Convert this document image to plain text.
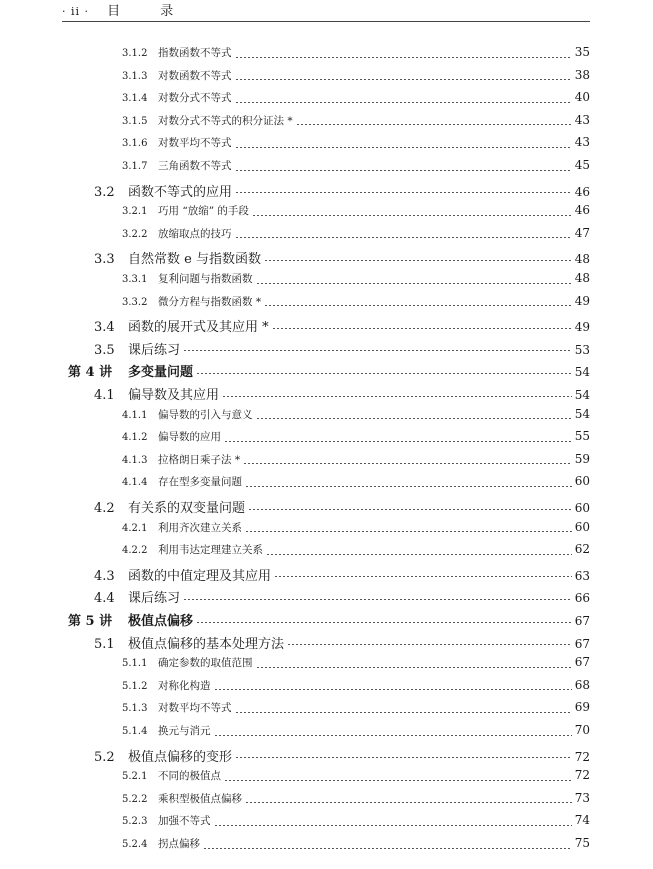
· ii · 目 录
3.1.2	指数函数不等式	35
3.1.3	对数函数不等式	38
3.1.4	对数分式不等式	40
3.1.5	对数分式不等式的积分证法 *	43
3.1.6	对数平均不等式	43
3.1.7	三角函数不等式	45
3.2	函数不等式的应用	46
3.2.1	巧用 “放缩” 的手段	46
3.2.2	放缩取点的技巧	47
3.3	自然常数 e 与指数函数	48
3.3.1	复利问题与指数函数	48
3.3.2	微分方程与指数函数 *	49
3.4	函数的展开式及其应用 *	49
3.5	课后练习	53
第 4 讲	多变量问题	54
4.1	偏导数及其应用	54
4.1.1	偏导数的引入与意义	54
4.1.2	偏导数的应用	55
4.1.3	拉格朗日乘子法 *	59
4.1.4	存在型多变量问题	60
4.2	有关系的双变量问题	60
4.2.1	利用齐次建立关系	60
4.2.2	利用韦达定理建立关系	62
4.3	函数的中值定理及其应用	63
4.4	课后练习	66
第 5 讲	极值点偏移	67
5.1	极值点偏移的基本处理方法	67
5.1.1	确定参数的取值范围	67
5.1.2	对称化构造	68
5.1.3	对数平均不等式	69
5.1.4	换元与消元	70
5.2	极值点偏移的变形	72
5.2.1	不同的极值点	72
5.2.2	乘积型极值点偏移	73
5.2.3	加强不等式	74
5.2.4	拐点偏移	75
